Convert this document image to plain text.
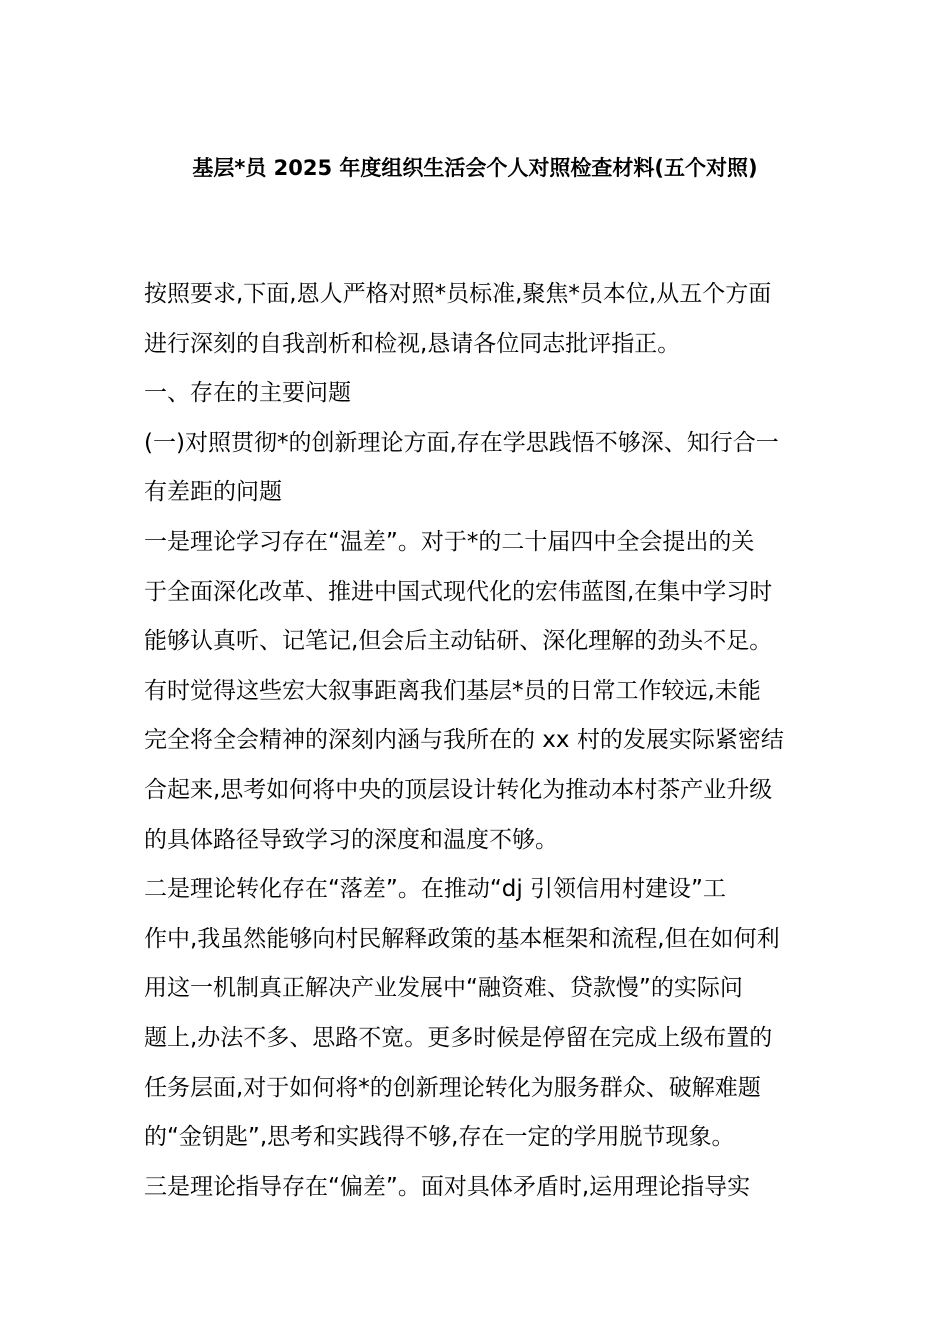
基层*员 2025 年度组织生活会个人对照检查材料(五个对照)
按照要求,下面,恩人严格对照*员标准,聚焦*员本位,从五个方面
进行深刻的自我剖析和检视,恳请各位同志批评指正。
一、存在的主要问题
(一)对照贯彻*的创新理论方面,存在学思践悟不够深、知行合一
有差距的问题
一是理论学习存在“温差”。对于*的二十届四中全会提出的关
于全面深化改革、推进中国式现代化的宏伟蓝图,在集中学习时
能够认真听、记笔记,但会后主动钻研、深化理解的劲头不足。
有时觉得这些宏大叙事距离我们基层*员的日常工作较远,未能
完全将全会精神的深刻内涵与我所在的 xx 村的发展实际紧密结
合起来,思考如何将中央的顶层设计转化为推动本村茶产业升级
的具体路径导致学习的深度和温度不够。
二是理论转化存在“落差”。在推动“dj 引领信用村建设”工
作中,我虽然能够向村民解释政策的基本框架和流程,但在如何利
用这一机制真正解决产业发展中“融资难、贷款慢”的实际问
题上,办法不多、思路不宽。更多时候是停留在完成上级布置的
任务层面,对于如何将*的创新理论转化为服务群众、破解难题
的“金钥匙”,思考和实践得不够,存在一定的学用脱节现象。
三是理论指导存在“偏差”。面对具体矛盾时,运用理论指导实
